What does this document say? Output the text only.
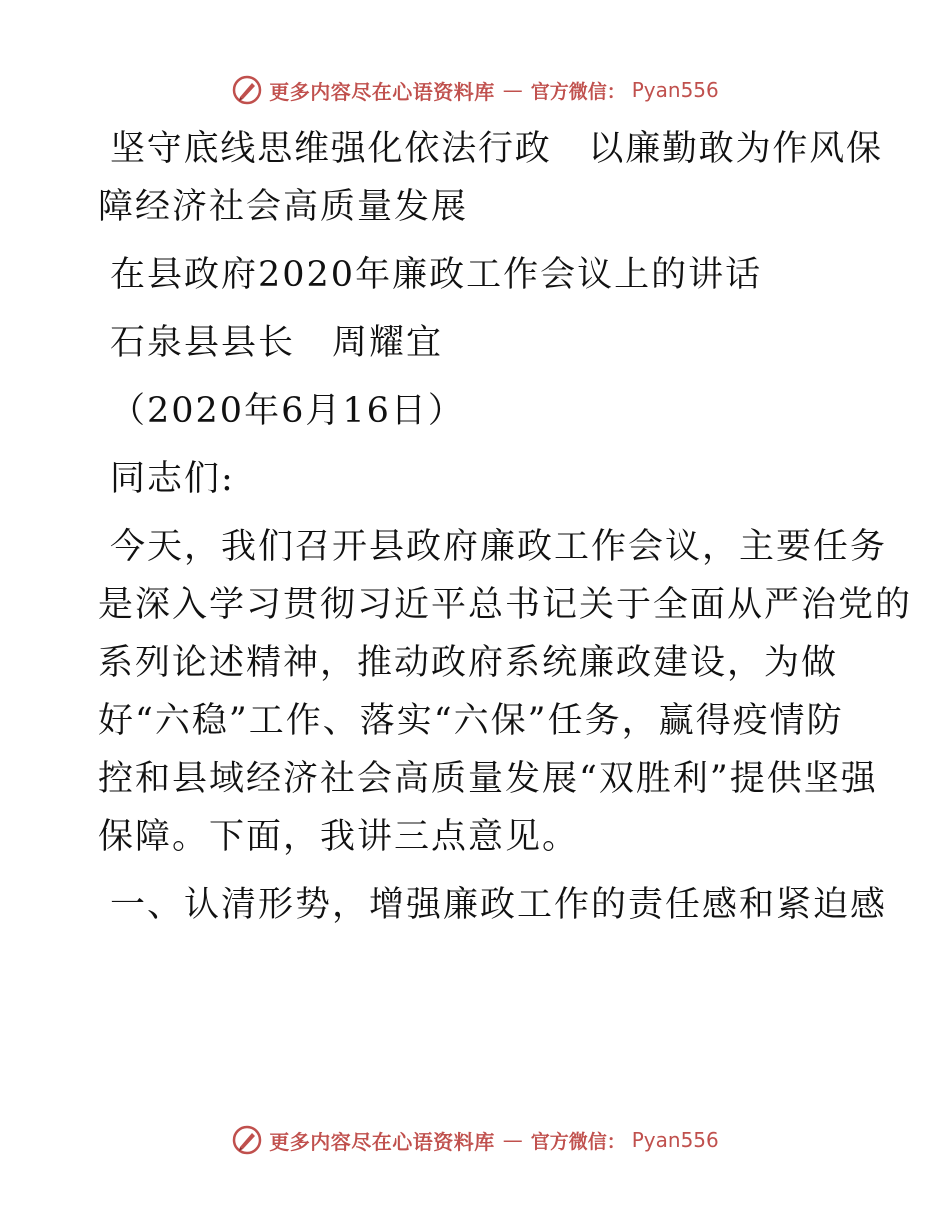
更多内容尽在心语资料库 — 官方微信： Pyan556
坚守底线思维强化依法行政　以廉勤敢为作风保
障经济社会高质量发展
在县政府2020年廉政工作会议上的讲话
石泉县县长　周耀宜
（2020年6月16日）
同志们:
今天，我们召开县政府廉政工作会议，主要任务
是深入学习贯彻习近平总书记关于全面从严治党的
系列论述精神，推动政府系统廉政建设，为做
好“六稳”工作、落实“六保”任务，赢得疫情防
控和县域经济社会高质量发展“双胜利”提供坚强
保障。下面，我讲三点意见。
一、认清形势，增强廉政工作的责任感和紧迫感
更多内容尽在心语资料库 — 官方微信： Pyan556
